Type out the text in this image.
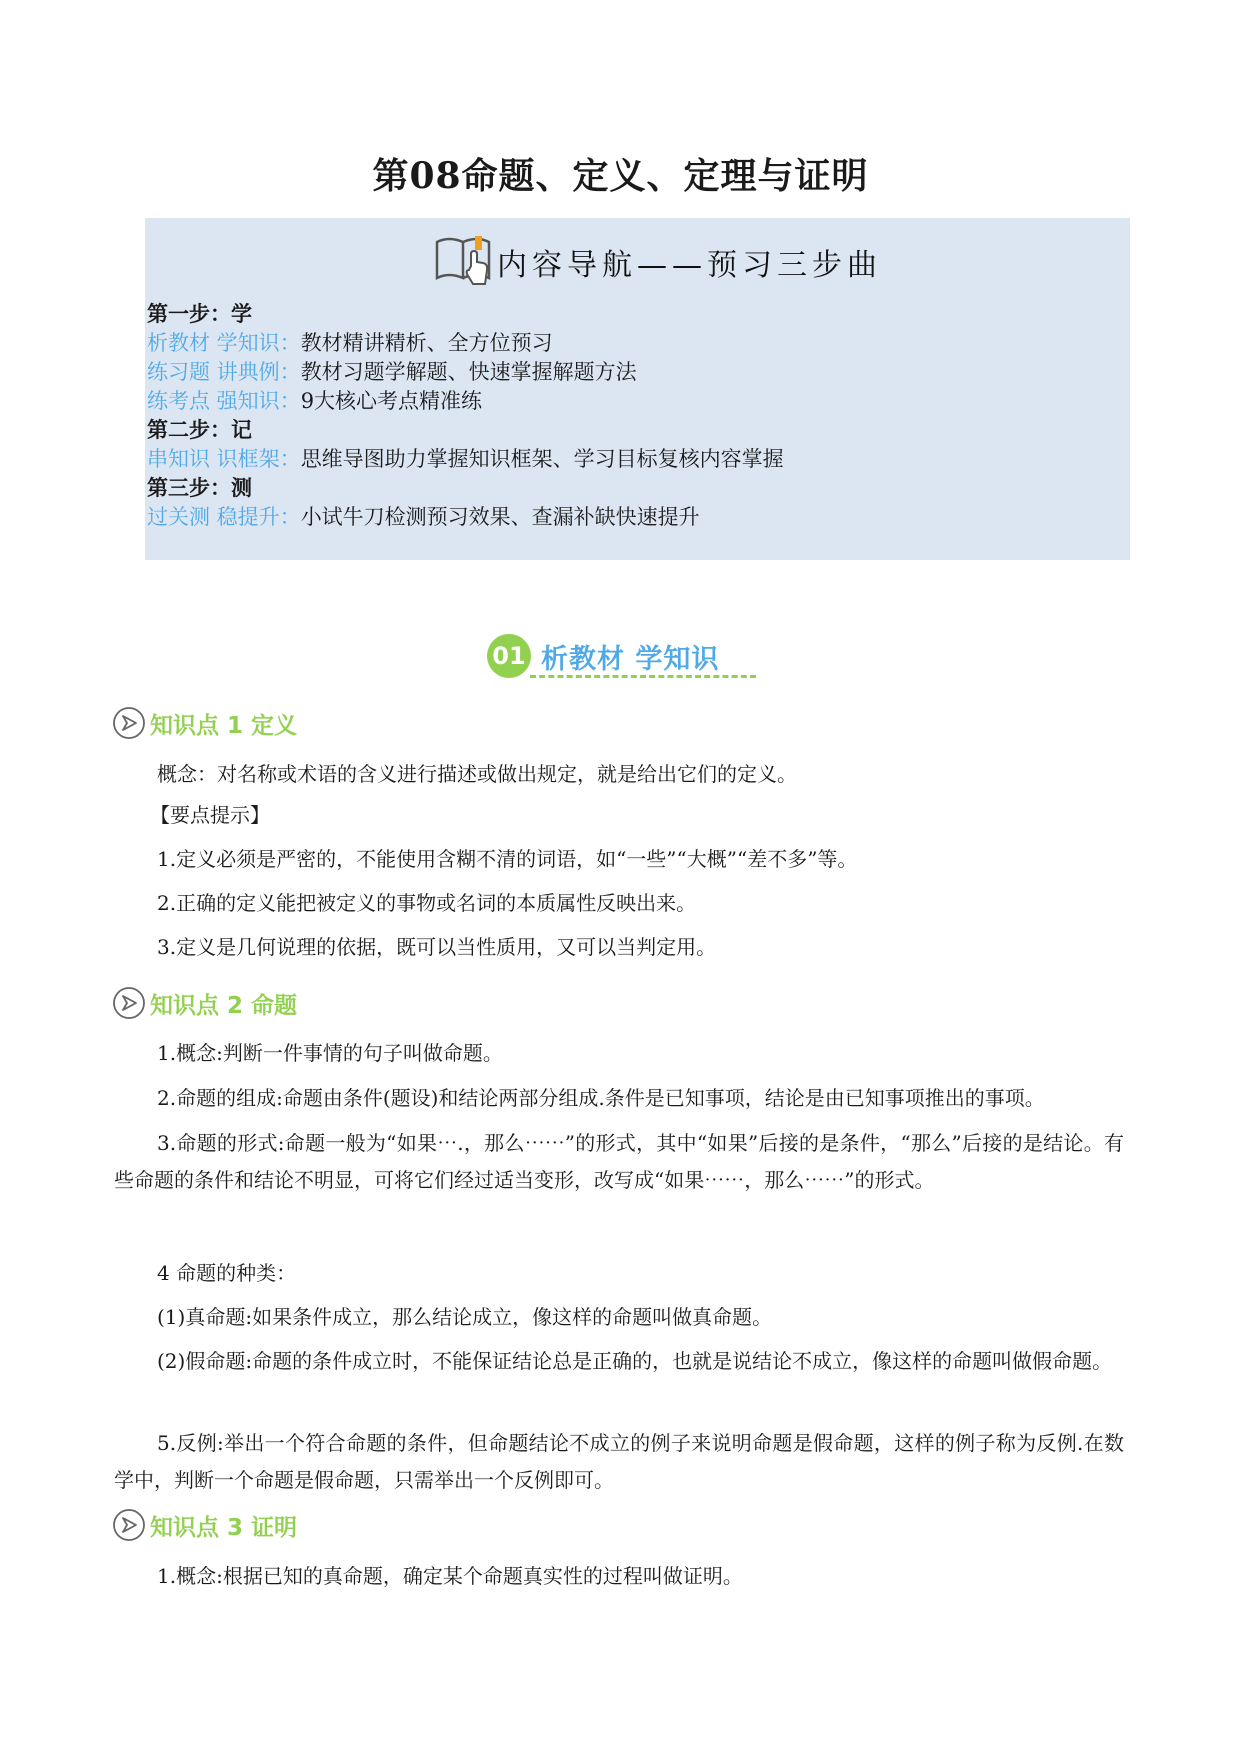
第08命题、定义、定理与证明
内容导航——预习三步曲
第一步：学
析教材 学知识：教材精讲精析、全方位预习
练习题 讲典例：教材习题学解题、快速掌握解题方法
练考点 强知识：9大核心考点精准练
第二步：记
串知识 识框架：思维导图助力掌握知识框架、学习目标复核内容掌握
第三步：测
过关测 稳提升：小试牛刀检测预习效果、查漏补缺快速提升
01 析教材 学知识
知识点 1 定义

概念：对名称或术语的含义进行描述或做出规定，就是给出它们的定义。

【要点提示】

1.定义必须是严密的，不能使用含糊不清的词语，如“一些”“大概”“差不多”等。

2.正确的定义能把被定义的事物或名词的本质属性反映出来。

3.定义是几何说理的依据，既可以当性质用，又可以当判定用。

知识点 2 命题

1.概念:判断一件事情的句子叫做命题。

2.命题的组成:命题由条件(题设)和结论两部分组成.条件是已知事项，结论是由已知事项推出的事项。

3.命题的形式:命题一般为“如果⋯.，那么⋯⋯”的形式，其中“如果”后接的是条件，“那么”后接的是结论。有些命题的条件和结论不明显，可将它们经过适当变形，改写成“如果⋯⋯，那么⋯⋯”的形式。

4 命题的种类：

(1)真命题:如果条件成立，那么结论成立，像这样的命题叫做真命题。

(2)假命题:命题的条件成立时，不能保证结论总是正确的，也就是说结论不成立，像这样的命题叫做假命题。

5.反例:举出一个符合命题的条件，但命题结论不成立的例子来说明命题是假命题，这样的例子称为反例.在数学中，判断一个命题是假命题，只需举出一个反例即可。

知识点 3 证明

1.概念:根据已知的真命题，确定某个命题真实性的过程叫做证明。
